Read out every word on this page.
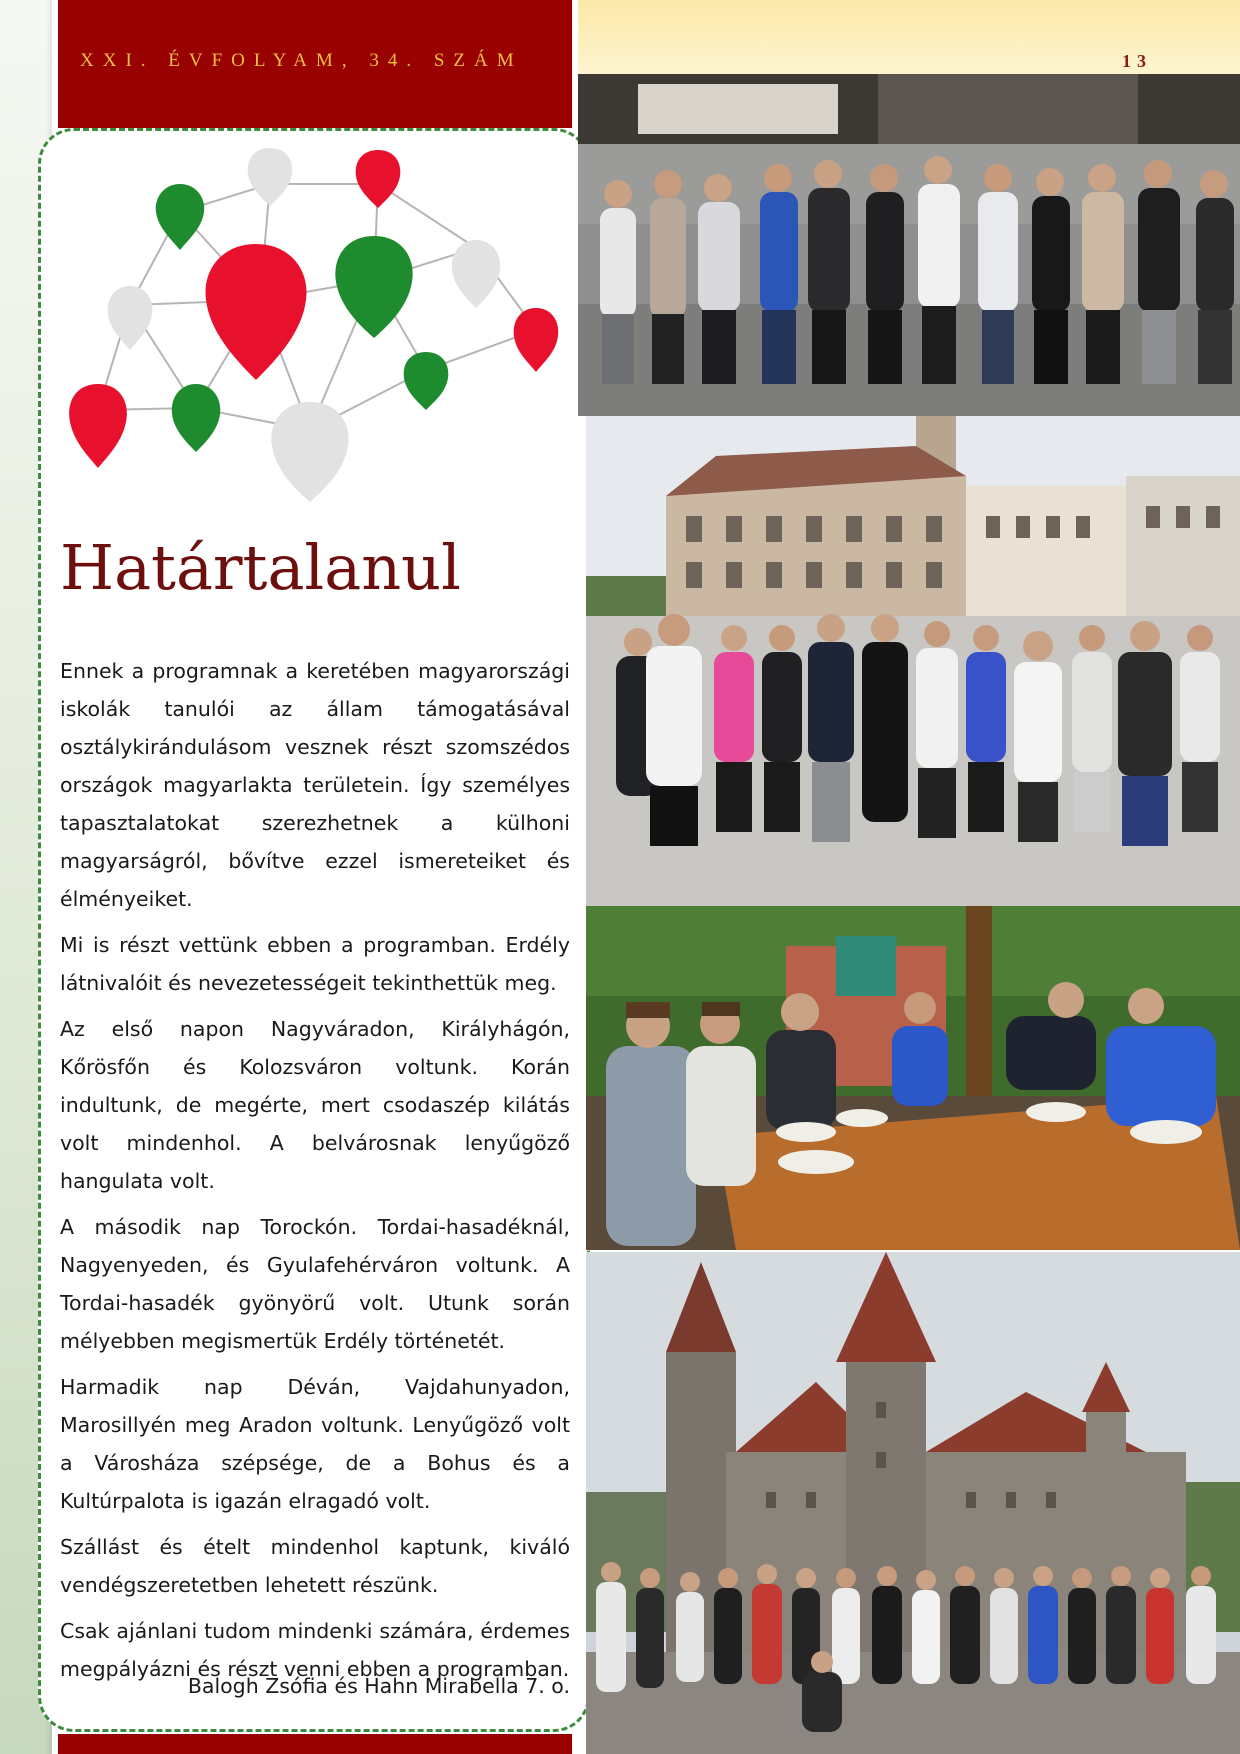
XXI. ÉVFOLYAM, 34. SZÁM	13
Határtalanul

Ennek a programnak a keretében magyarországi iskolák tanulói az állam támogatásával osztálykirándulásom vesznek részt szomszédos országok magyarlakta területein. Így személyes tapasztalatokat szerezhetnek a külhoni magyarságról, bővítve ezzel ismereteiket és élményeiket.

Mi is részt vettünk ebben a programban. Erdély látnivalóit és nevezetességeit tekinthettük meg.

Az első napon Nagyváradon, Királyhágón, Kőrösfőn és Kolozsváron voltunk. Korán indultunk, de megérte, mert csodaszép kilátás volt mindenhol. A belvárosnak lenyűgöző hangulata volt.

A második nap Torockón. Tordai-hasadéknál, Nagyenyeden, és Gyulafehérváron voltunk. A Tordai-hasadék gyönyörű volt. Utunk során mélyebben megismertük Erdély történetét.

Harmadik nap Déván, Vajdahunyadon, Marosillyén meg Aradon voltunk. Lenyűgöző volt a Városháza szépsége, de a Bohus és a Kultúrpalota is igazán elragadó volt.

Szállást és ételt mindenhol kaptunk, kiváló vendégszeretetben lehetett részünk.

Csak ajánlani tudom mindenki számára, érdemes megpályázni és részt venni ebben a programban.

Balogh Zsófia és Hahn Mirabella 7. o.
